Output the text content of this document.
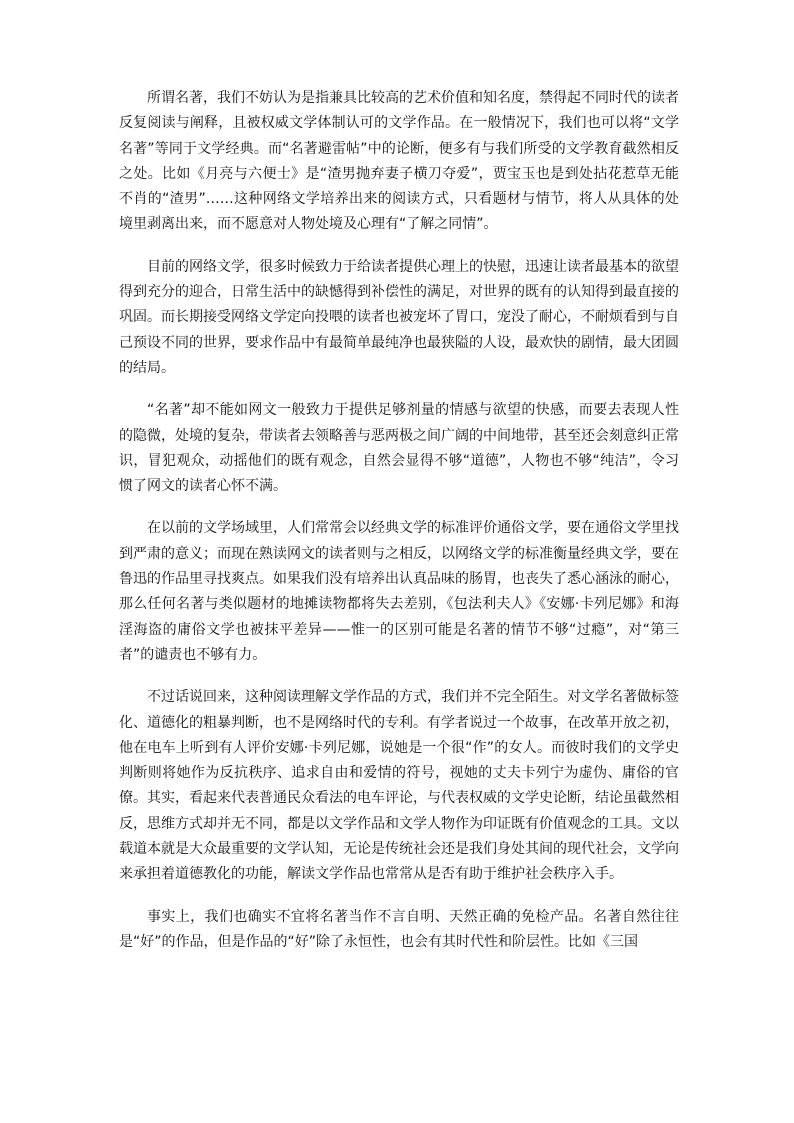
所谓名著，我们不妨认为是指兼具比较高的艺术价值和知名度，禁得起不同时代的读者反复阅读与阐释，且被权威文学体制认可的文学作品。在一般情况下，我们也可以将“文学名著”等同于文学经典。而“名著避雷帖”中的论断，便多有与我们所受的文学教育截然相反之处。比如《月亮与六便士》是“渣男抛弃妻子横刀夺爱”，贾宝玉也是到处拈花惹草无能不肖的“渣男”……这种网络文学培养出来的阅读方式，只看题材与情节，将人从具体的处境里剥离出来，而不愿意对人物处境及心理有“了解之同情”。

目前的网络文学，很多时候致力于给读者提供心理上的快慰，迅速让读者最基本的欲望得到充分的迎合，日常生活中的缺憾得到补偿性的满足，对世界的既有的认知得到最直接的巩固。而长期接受网络文学定向投喂的读者也被宠坏了胃口，宠没了耐心，不耐烦看到与自己预设不同的世界，要求作品中有最简单最纯净也最狭隘的人设，最欢快的剧情，最大团圆的结局。

“名著”却不能如网文一般致力于提供足够剂量的情感与欲望的快感，而要去表现人性的隐微，处境的复杂，带读者去领略善与恶两极之间广阔的中间地带，甚至还会刻意纠正常识，冒犯观众，动摇他们的既有观念，自然会显得不够“道德”，人物也不够“纯洁”，令习惯了网文的读者心怀不满。

在以前的文学场域里，人们常常会以经典文学的标准评价通俗文学，要在通俗文学里找到严肃的意义；而现在熟读网文的读者则与之相反，以网络文学的标准衡量经典文学，要在鲁迅的作品里寻找爽点。如果我们没有培养出认真品味的肠胃，也丧失了悉心涵泳的耐心，那么任何名著与类似题材的地摊读物都将失去差别，《包法利夫人》《安娜·卡列尼娜》和海淫海盗的庸俗文学也被抹平差异——惟一的区别可能是名著的情节不够“过瘾”，对“第三者”的谴责也不够有力。

不过话说回来，这种阅读理解文学作品的方式，我们并不完全陌生。对文学名著做标签化、道德化的粗暴判断，也不是网络时代的专利。有学者说过一个故事，在改革开放之初，他在电车上听到有人评价安娜·卡列尼娜，说她是一个很“作”的女人。而彼时我们的文学史判断则将她作为反抗秩序、追求自由和爱情的符号，视她的丈夫卡列宁为虚伪、庸俗的官僚。其实，看起来代表普通民众看法的电车评论，与代表权威的文学史论断，结论虽截然相反，思维方式却并无不同，都是以文学作品和文学人物作为印证既有价值观念的工具。文以载道本就是大众最重要的文学认知，无论是传统社会还是我们身处其间的现代社会，文学向来承担着道德教化的功能，解读文学作品也常常从是否有助于维护社会秩序入手。

事实上，我们也确实不宜将名著当作不言自明、天然正确的免检产品。名著自然往往是“好”的作品，但是作品的“好”除了永恒性，也会有其时代性和阶层性。比如《三国
